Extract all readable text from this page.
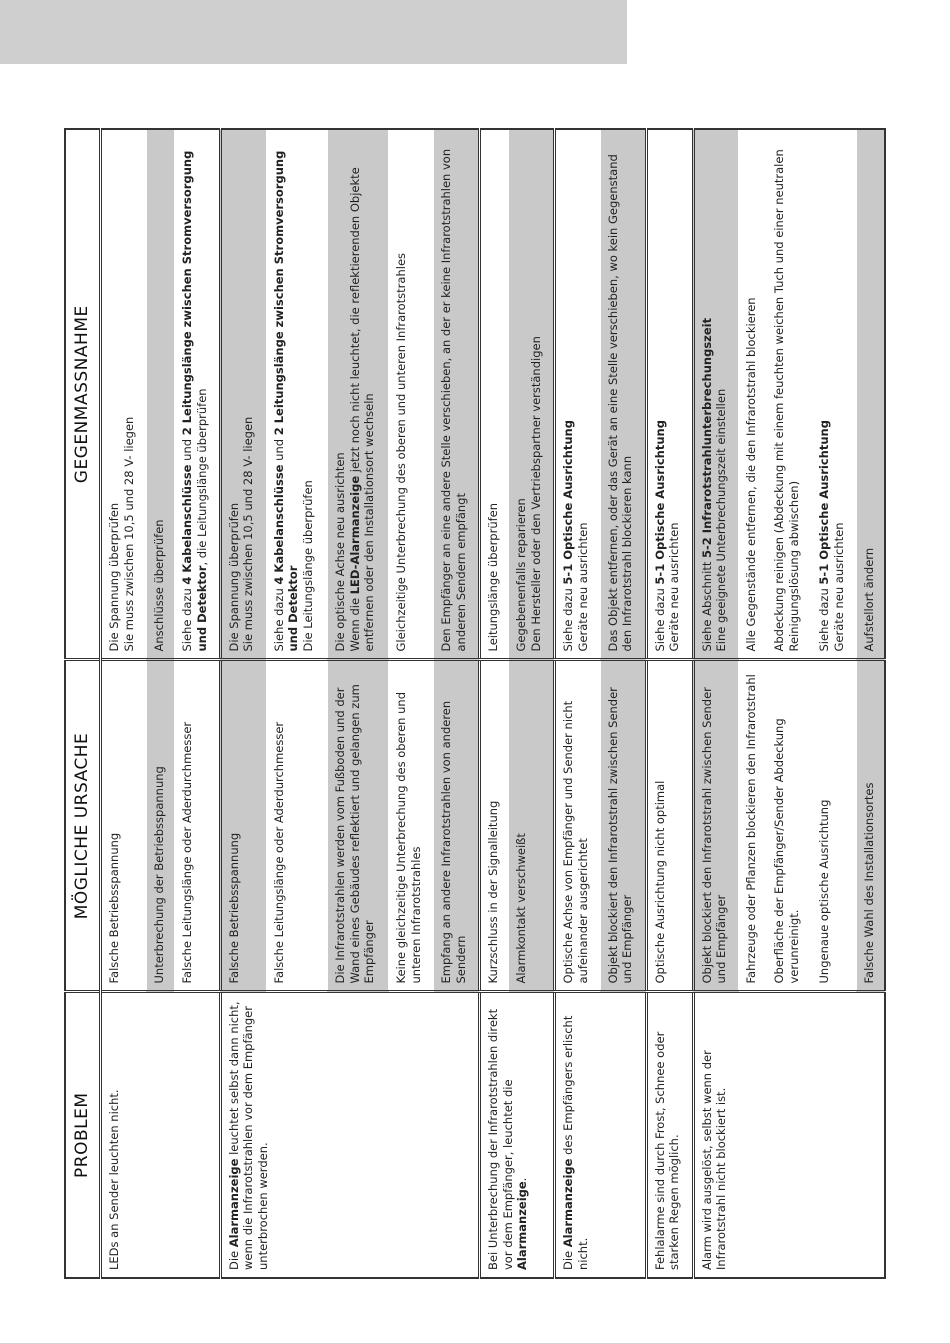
PROBLEM	MÖGLICHE URSACHE	GEGENMASSNAHME
LEDs an Sender leuchten nicht.	Falsche Betriebsspannung	Die Spannung überprüfen
Sie muss zwischen 10,5 und 28 V- liegen
	Unterbrechung der Betriebsspannung	Anschlüsse überprüfen
	Falsche Leitungslänge oder Aderdurchmesser	Siehe dazu 4 Kabelanschlüsse und 2 Leitungslänge zwischen Stromversorgung und Detektor, die Leitungslänge überprüfen
Die Alarmanzeige leuchtet selbst dann nicht, wenn die Infrarotstrahlen vor dem Empfänger unterbrochen werden.	Falsche Betriebsspannung	Die Spannung überprüfen
Sie muss zwischen 10,5 und 28 V- liegen
	Falsche Leitungslänge oder Aderdurchmesser	Siehe dazu 4 Kabelanschlüsse und 2 Leitungslänge zwischen Stromversorgung und Detektor
Die Leitungslänge überprüfen
	Die Infrarotstrahlen werden vom Fußboden und der Wand eines Gebäudes reflektiert und gelangen zum Empfänger	Die optische Achse neu ausrichten
Wenn die LED-Alarmanzeige jetzt noch nicht leuchtet, die reflektierenden Objekte entfernen oder den Installationsort wechseln
	Keine gleichzeitige Unterbrechung des oberen und unteren Infrarotstrahles	Gleichzeitige Unterbrechung des oberen und unteren Infrarotstrahles
	Empfang an andere Infrarotstrahlen von anderen Sendern	Den Empfänger an eine andere Stelle verschieben, an der er keine Infrarotstrahlen von anderen Sendern empfängt
Bei Unterbrechung der Infrarotstrahlen direkt vor dem Empfänger, leuchtet die Alarmanzeige.	Kurzschluss in der Signalleitung	Leitungslänge überprüfen
	Alarmkontakt verschweißt	Gegebenenfalls reparieren
Den Hersteller oder den Vertriebspartner verständigen
Die Alarmanzeige des Empfängers erlischt nicht.	Optische Achse von Empfänger und Sender nicht aufeinander ausgerichtet	Siehe dazu 5-1 Optische Ausrichtung
Geräte neu ausrichten
	Objekt blockiert den Infrarotstrahl zwischen Sender und Empfänger	Das Objekt entfernen, oder das Gerät an eine Stelle verschieben, wo kein Gegenstand den Infrarotstrahl blockieren kann
Fehlalarme sind durch Frost, Schnee oder starken Regen möglich.	Optische Ausrichtung nicht optimal	Siehe dazu 5-1 Optische Ausrichtung
Geräte neu ausrichten
Alarm wird ausgelöst, selbst wenn der Infrarotstrahl nicht blockiert ist.	Objekt blockiert den Infrarotstrahl zwischen Sender und Empfänger	Siehe Abschnitt 5-2 Infrarotstrahlunterbrechungszeit
Eine geeignete Unterbrechungszeit einstellen
	Fahrzeuge oder Pflanzen blockieren den Infrarotstrahl	Alle Gegenstände entfernen, die den Infrarotstrahl blockieren
	Oberfläche der Empfänger/Sender Abdeckung verunreinigt.	Abdeckung reinigen (Abdeckung mit einem feuchten weichen Tuch und einer neutralen Reinigungslösung abwischen)
	Ungenaue optische Ausrichtung	Siehe dazu 5-1 Optische Ausrichtung
Geräte neu ausrichten
	Falsche Wahl des Installationsortes	Aufstellort ändern
